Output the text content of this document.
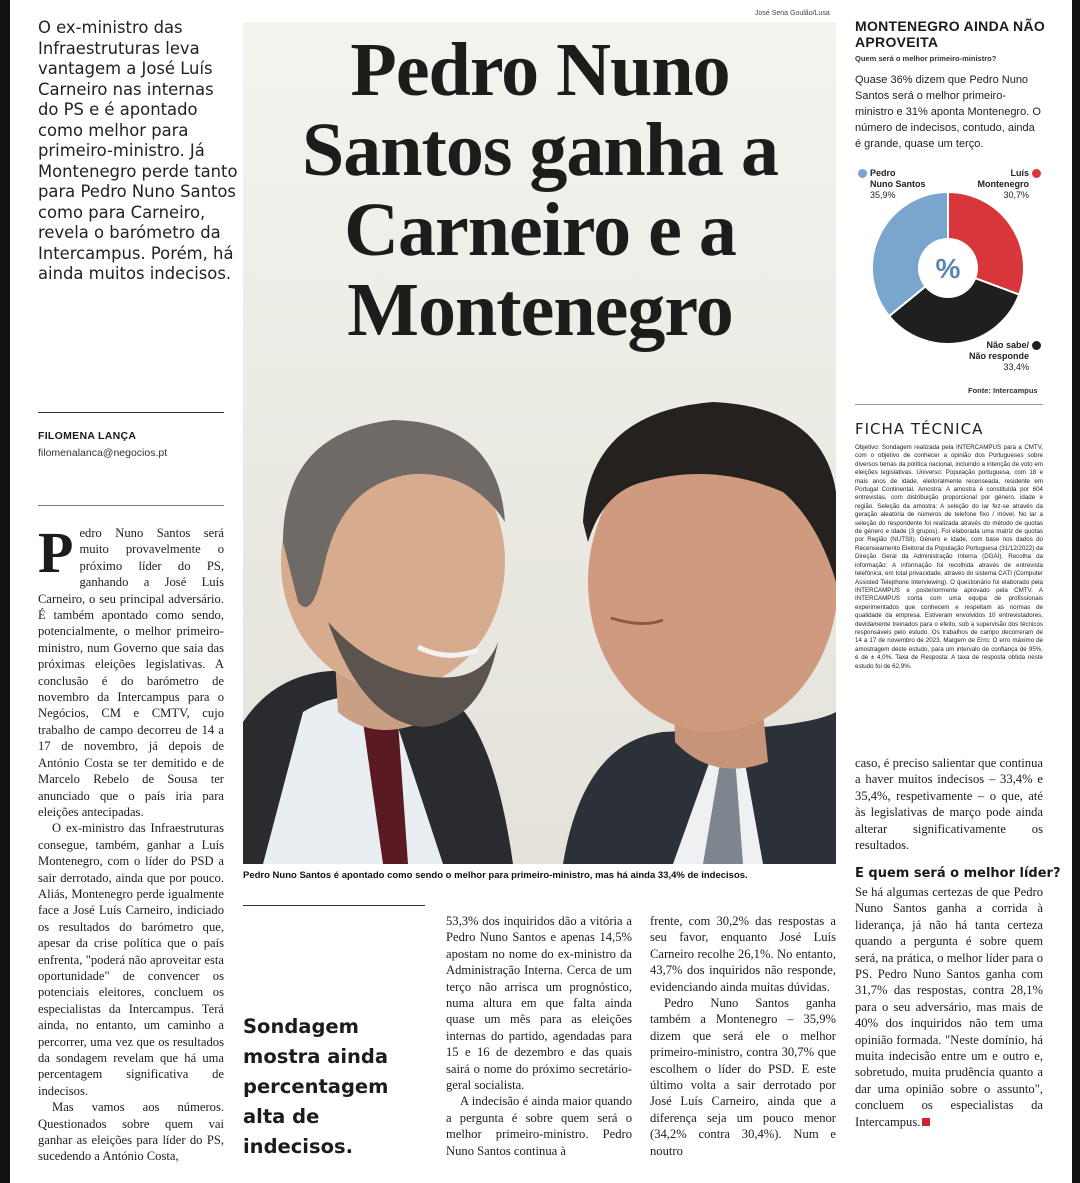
O ex-ministro das Infraestruturas leva vantagem a José Luís Carneiro nas internas do PS e é apontado como melhor para primeiro-ministro. Já Montenegro perde tanto para Pedro Nuno Santos como para Carneiro, revela o barómetro da Intercampus. Porém, há ainda muitos indecisos.
FILOMENA LANÇA
filomenalanca@negocios.pt
José Sena Goulão/Lusa
Pedro Nuno Santos ganha a Carneiro e a Montenegro
Pedro Nuno Santos é apontado como sendo o melhor para primeiro-ministro, mas há ainda 33,4% de indecisos.

Pedro Nuno Santos será muito provavelmente o próximo líder do PS, ganhando a José Luís Carneiro, o seu principal adversário. É também apontado como sendo, potencialmente, o melhor primeiro-ministro, num Governo que saia das próximas eleições legislativas. A conclusão é do barómetro de novembro da Intercampus para o Negócios, CM e CMTV, cujo trabalho de campo decorreu de 14 a 17 de novembro, já depois de António Costa se ter demitido e de Marcelo Rebelo de Sousa ter anunciado que o país iria para eleições antecipadas.

O ex-ministro das Infraestruturas consegue, também, ganhar a Luís Montenegro, com o líder do PSD a sair derrotado, ainda que por pouco. Aliás, Montenegro perde igualmente face a José Luís Carneiro, indiciado os resultados do barómetro que, apesar da crise política que o país enfrenta, "poderá não aproveitar esta oportunidade" de convencer os potenciais eleitores, concluem os especialistas da Intercampus. Terá ainda, no entanto, um caminho a percorrer, uma vez que os resultados da sondagem revelam que há uma percentagem significativa de indecisos.

Mas vamos aos números. Questionados sobre quem vai ganhar as eleições para líder do PS, sucedendo a António Costa,

Sondagem mostra ainda percentagem alta de indecisos.

53,3% dos inquiridos dão a vitória a Pedro Nuno Santos e apenas 14,5% apostam no nome do ex-ministro da Administração Interna. Cerca de um terço não arrisca um prognóstico, numa altura em que falta ainda quase um mês para as eleições internas do partido, agendadas para 15 e 16 de dezembro e das quais sairá o nome do próximo secretário-geral socialista.

A indecisão é ainda maior quando a pergunta é sobre quem será o melhor primeiro-ministro. Pedro Nuno Santos continua à

frente, com 30,2% das respostas a seu favor, enquanto José Luís Carneiro recolhe 26,1%. No entanto, 43,7% dos inquiridos não responde, evidenciando ainda muitas dúvidas.

Pedro Nuno Santos ganha também a Montenegro – 35,9% dizem que será ele o melhor primeiro-ministro, contra 30,7% que escolhem o líder do PSD. E este último volta a sair derrotado por José Luís Carneiro, ainda que a diferença seja um pouco menor (34,2% contra 30,4%). Num e noutro

MONTENEGRO AINDA NÃO APROVEITA
Quem será o melhor primeiro-ministro?
Quase 36% dizem que Pedro Nuno Santos será o melhor primeiro-ministro e 31% aponta Montenegro. O número de indecisos, contudo, ainda é grande, quase um terço.
Pedro
Nuno Santos
35,9%
Luís
Montenegro
30,7%
%
Não sabe/
Não responde
33,4%
Fonte: Intercampus
FICHA TÉCNICA
Objetivo: Sondagem realizada pela INTERCAMPUS para a CMTV, com o objetivo de conhecer a opinião dos Portugueses sobre diversos temas da política nacional, incluindo a intenção de voto em eleições legislativas. Universo: População portuguesa, com 18 e mais anos de idade, eleitoralmente recenseada, residente em Portugal Continental. Amostra: A amostra é constituída por 604 entrevistas, com distribuição proporcional por género, idade e região. Seleção da amostra: A seleção do lar fez-se através da geração aleatória de números de telefone fixo / móvel. No lar a seleção do respondente foi realizada através do método de quotas de género e idade (3 grupos). Foi elaborada uma matriz de quotas por Região (NUTSII), Género e Idade, com base nos dados do Recenseamento Eleitoral da População Portuguesa (31/12/2022) da Direção Geral da Administração Interna (DGAI). Recolha da informação: A informação foi recolhida através de entrevista telefónica, em total privacidade, através do sistema CATI (Computer Assisted Telephone Interviewing). O questionário foi elaborado pela INTERCAMPUS e posteriormente aprovado pela CMTV. A INTERCAMPUS conta com uma equipa de profissionais experimentados que conhecem e respeitam as normas de qualidade da empresa. Estiveram envolvidos 10 entrevistadores, devidamente treinados para o efeito, sob a supervisão dos técnicos responsáveis pelo estudo. Os trabalhos de campo decorreram de 14 a 17 de novembro de 2023. Margem de Erro: O erro máximo de amostragem deste estudo, para um intervalo de confiança de 95%, é de ± 4,0%. Taxa de Resposta: A taxa de resposta obtida neste estudo foi de 62,9%.

caso, é preciso salientar que continua a haver muitos indecisos – 33,4% e 35,4%, respetivamente – o que, até às legislativas de março pode ainda alterar significativamente os resultados.

E quem será o melhor líder?

Se há algumas certezas de que Pedro Nuno Santos ganha a corrida à liderança, já não há tanta certeza quando a pergunta é sobre quem será, na prática, o melhor líder para o PS. Pedro Nuno Santos ganha com 31,7% das respostas, contra 28,1% para o seu adversário, mas mais de 40% dos inquiridos não tem uma opinião formada. "Neste domínio, há muita indecisão entre um e outro e, sobretudo, muita prudência quanto a dar uma opinião sobre o assunto", concluem os especialistas da Intercampus.
